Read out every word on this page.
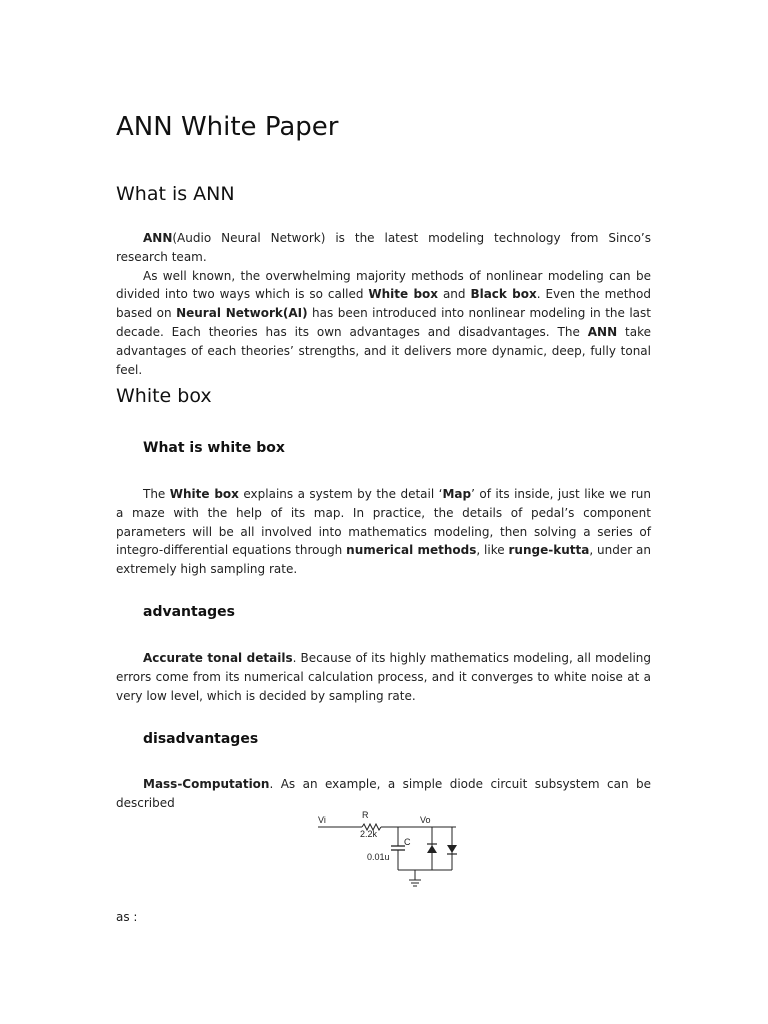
ANN White Paper
What is ANN

ANN(Audio Neural Network) is the latest modeling technology from Sinco’s research team.

As well known, the overwhelming majority methods of nonlinear modeling can be divided into two ways which is so called White box and Black box. Even the method based on Neural Network(AI) has been introduced into nonlinear modeling in the last decade. Each theories has its own advantages and disadvantages. The ANN take advantages of each theories’ strengths, and it delivers more dynamic, deep, fully tonal feel.

White box
What is white box

The White box explains a system by the detail ‘Map’ of its inside, just like we run a maze with the help of its map. In practice, the details of pedal’s component parameters will be all involved into mathematics modeling, then solving a series of integro-differential equations through numerical methods, like runge-kutta, under an extremely high sampling rate.

advantages

Accurate tonal details. Because of its highly mathematics modeling, all modeling errors come from its numerical calculation process, and it converges to white noise at a very low level, which is decided by sampling rate.

disadvantages

Mass-Computation. As an example, a simple diode circuit subsystem can be described

Vi	R
2.2k
Vo
C
0.01u

as :
